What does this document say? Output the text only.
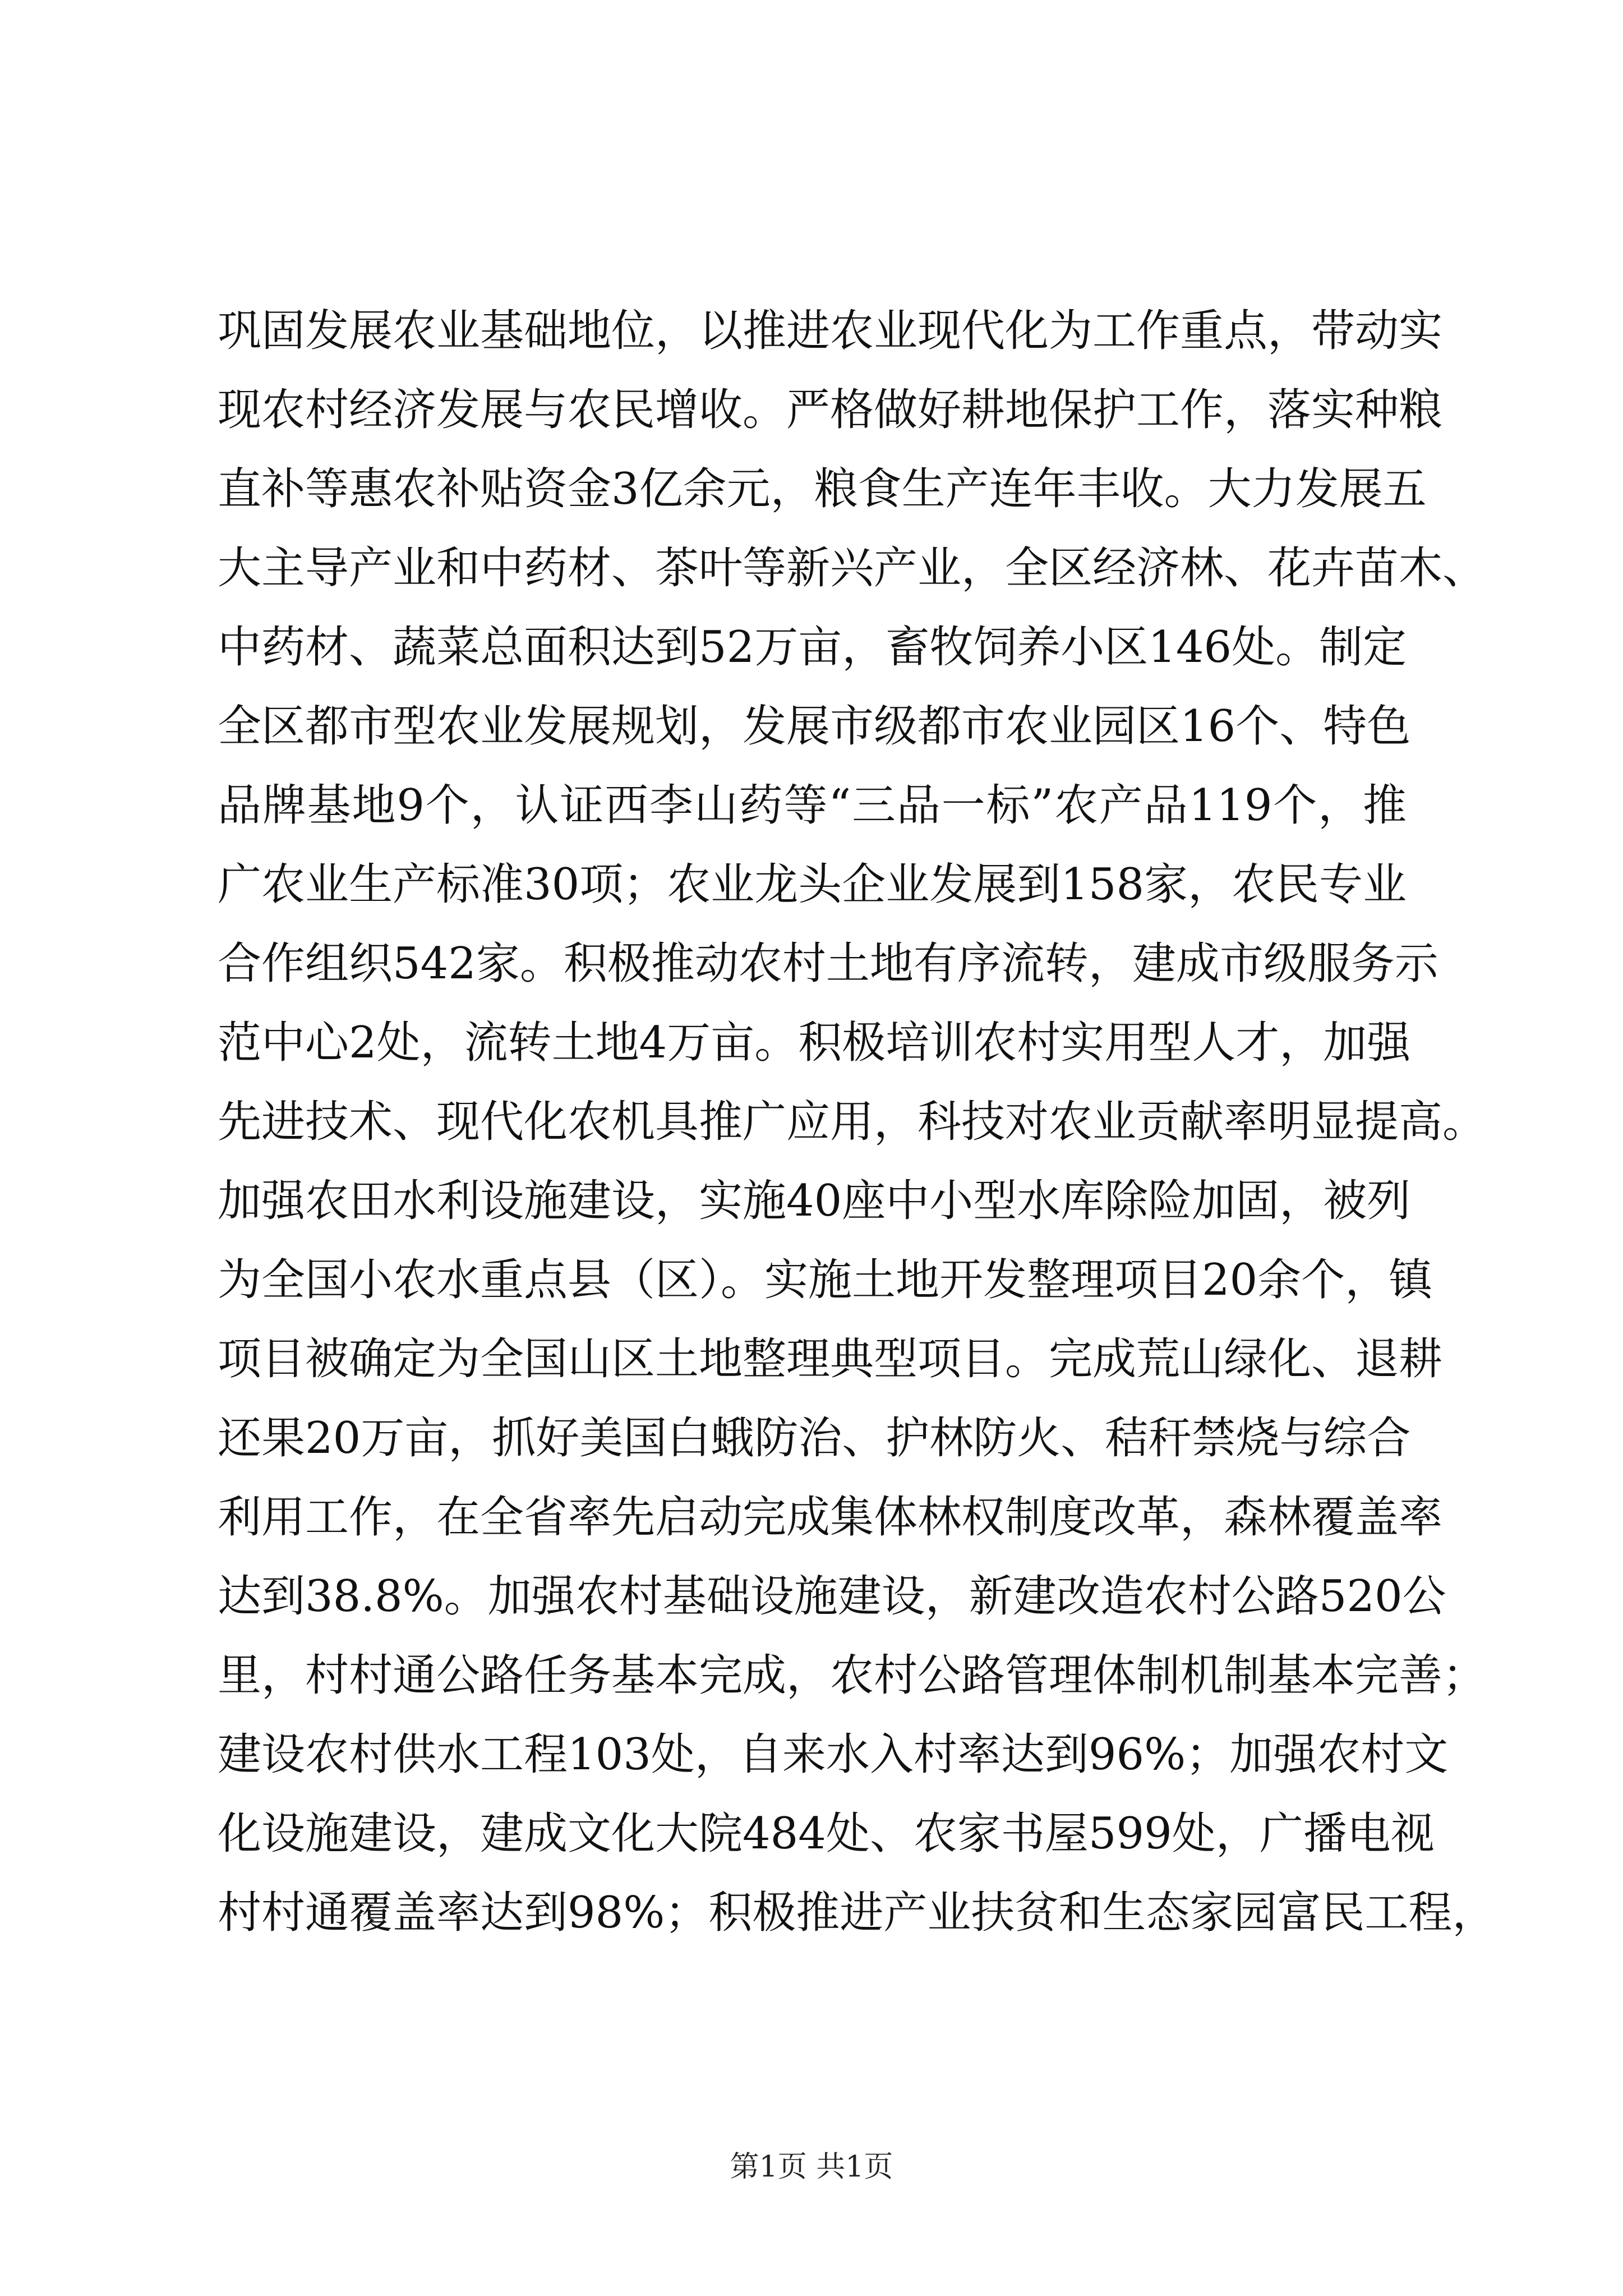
巩固发展农业基础地位，以推进农业现代化为工作重点，带动实
现农村经济发展与农民增收。严格做好耕地保护工作，落实种粮
直补等惠农补贴资金3亿余元，粮食生产连年丰收。大力发展五
大主导产业和中药材、茶叶等新兴产业，全区经济林、花卉苗木、
中药材、蔬菜总面积达到52万亩，畜牧饲养小区146处。制定
全区都市型农业发展规划，发展市级都市农业园区16个、特色
品牌基地9个，认证西李山药等“三品一标”农产品119个，推
广农业生产标准30项；农业龙头企业发展到158家，农民专业
合作组织542家。积极推动农村土地有序流转，建成市级服务示
范中心2处，流转土地4万亩。积极培训农村实用型人才，加强
先进技术、现代化农机具推广应用，科技对农业贡献率明显提高。
加强农田水利设施建设，实施40座中小型水库除险加固，被列
为全国小农水重点县（区）。实施土地开发整理项目20余个，镇
项目被确定为全国山区土地整理典型项目。完成荒山绿化、退耕
还果20万亩，抓好美国白蛾防治、护林防火、秸秆禁烧与综合
利用工作，在全省率先启动完成集体林权制度改革，森林覆盖率
达到38.8%。加强农村基础设施建设，新建改造农村公路520公
里，村村通公路任务基本完成，农村公路管理体制机制基本完善；
建设农村供水工程103处，自来水入村率达到96%；加强农村文
化设施建设，建成文化大院484处、农家书屋599处，广播电视
村村通覆盖率达到98%；积极推进产业扶贫和生态家园富民工程，
第1页 共1页
